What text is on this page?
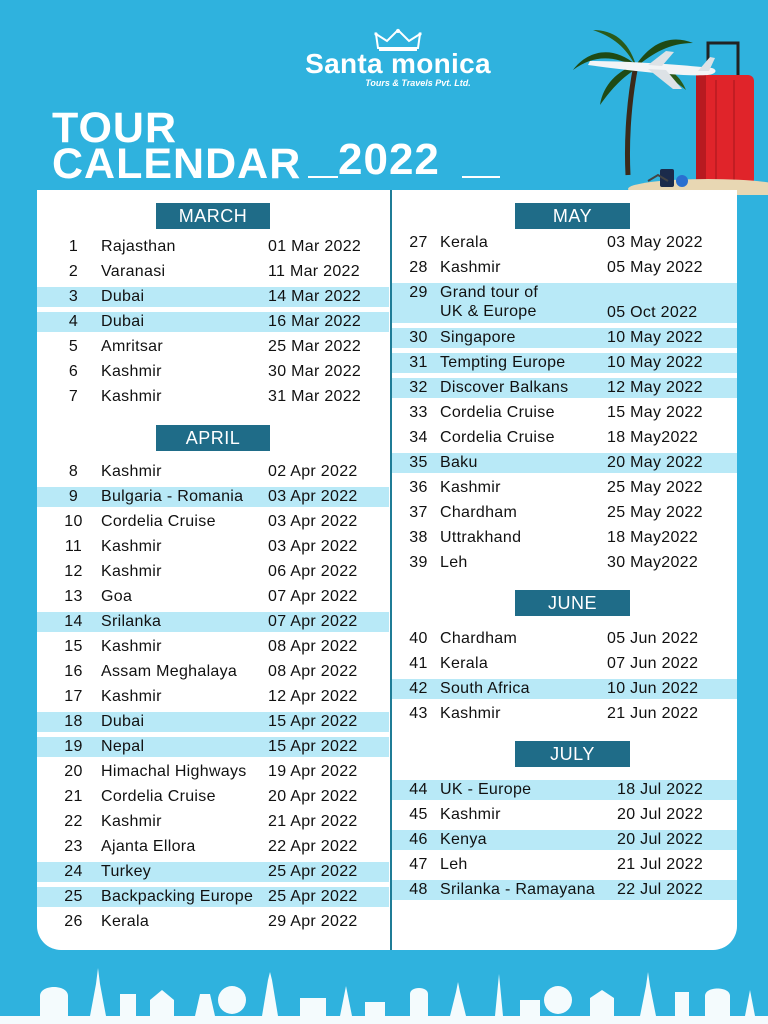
Santa monica
Tours & Travels Pvt. Ltd.
TOUR
CALENDAR 2022
MARCH
1	Rajasthan	01 Mar 2022
2	Varanasi	11 Mar 2022
3	Dubai	14 Mar 2022
4	Dubai	16 Mar 2022
5	Amritsar	25 Mar 2022
6	Kashmir	30 Mar 2022
7	Kashmir	31 Mar 2022
APRIL
8	Kashmir	02 Apr 2022
9	Bulgaria - Romania 03 Apr 2022
10	Cordelia Cruise	03 Apr 2022
11	Kashmir	03 Apr 2022
12	Kashmir	06 Apr 2022
13	Goa	07 Apr 2022
14	Srilanka	07 Apr 2022
15	Kashmir	08 Apr 2022
16	Assam Meghalaya 08 Apr 2022
17	Kashmir	12 Apr 2022
18	Dubai	15 Apr 2022
19	Nepal	15 Apr 2022
20	Himachal Highways 19 Apr 2022
21	Cordelia Cruise	20 Apr 2022
22	Kashmir	21 Apr 2022
23	Ajanta Ellora	22 Apr 2022
24	Turkey	25 Apr 2022
25	Backpacking Europe 25 Apr 2022
26	Kerala	29 Apr 2022
MAY
27 Kerala	03 May 2022
28 Kashmir	05 May 2022
29 Grand tour of
UK & Europe	05 Oct 2022
30 Singapore	10 May 2022
31 Tempting Europe	10 May 2022
32 Discover Balkans 12 May 2022
33 Cordelia Cruise	15 May 2022
34 Cordelia Cruise	18 May2022
35 Baku	20 May 2022
36 Kashmir	25 May 2022
37 Chardham	25 May 2022
38 Uttrakhand	18 May2022
39 Leh	30 May2022
JUNE
40 Chardham	05 Jun 2022
41 Kerala	07 Jun 2022
42 South Africa	10 Jun 2022
43 Kashmir	21 Jun 2022
JULY
44 UK - Europe	18 Jul 2022
45 Kashmir	20 Jul 2022
46 Kenya	20 Jul 2022
47 Leh	21 Jul 2022
48 Srilanka - Ramayana 22 Jul 2022
